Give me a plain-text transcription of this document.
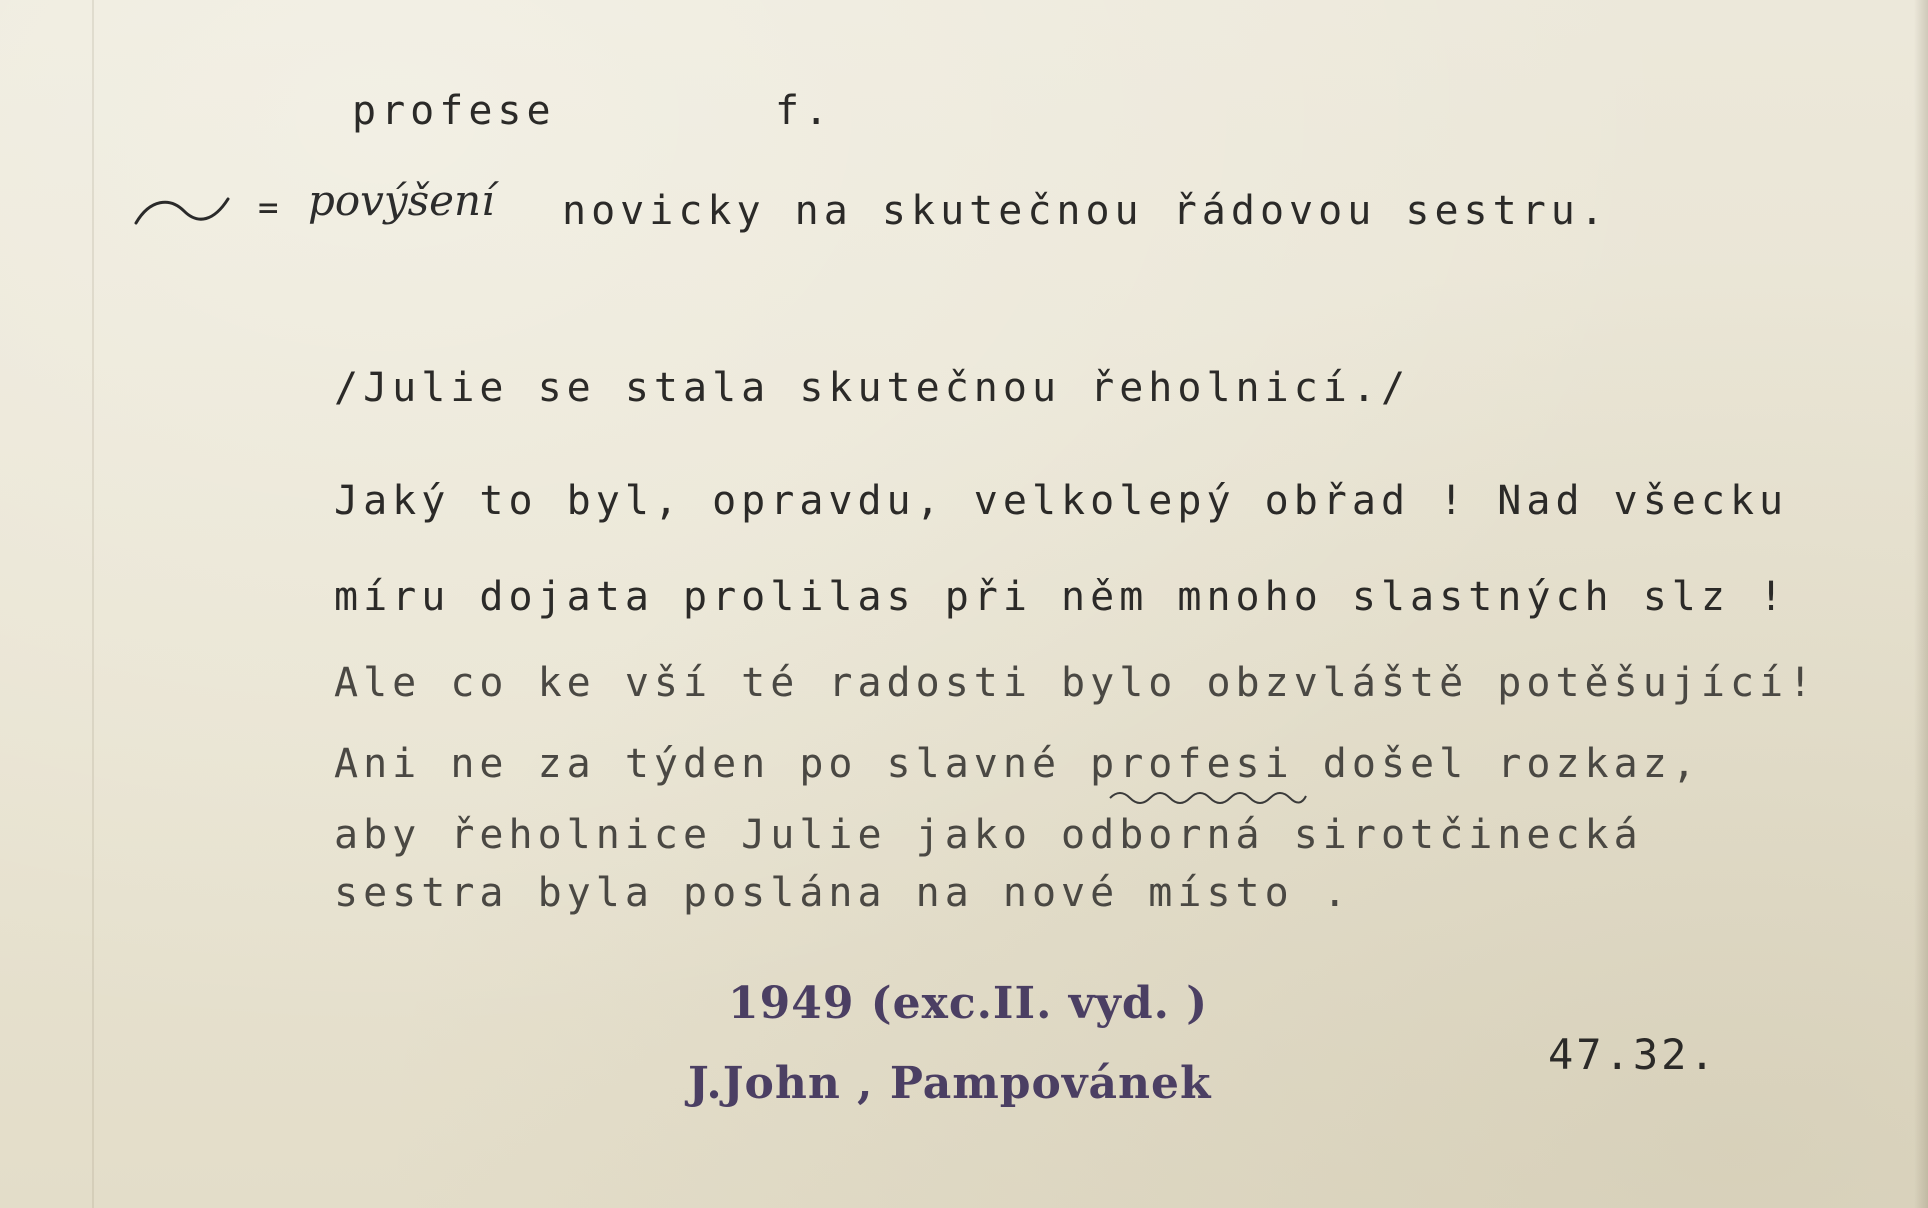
profese	f.
= povýšení novicky na skutečnou řádovou sestru.
/Julie se stala skutečnou řeholnicí./
Jaký to byl, opravdu, velkolepý obřad ! Nad všecku
míru dojata prolilas při něm mnoho slastných slz !
Ale co ke vší té radosti bylo obzvláště potěšující!
Ani ne za týden po slavné profesi došel rozkaz,
aby řeholnice Julie jako odborná sirotčinecká
sestra byla poslána na nové místo .
1949 (exc.II. vyd. )
J.John , Pampovánek
47.32.
